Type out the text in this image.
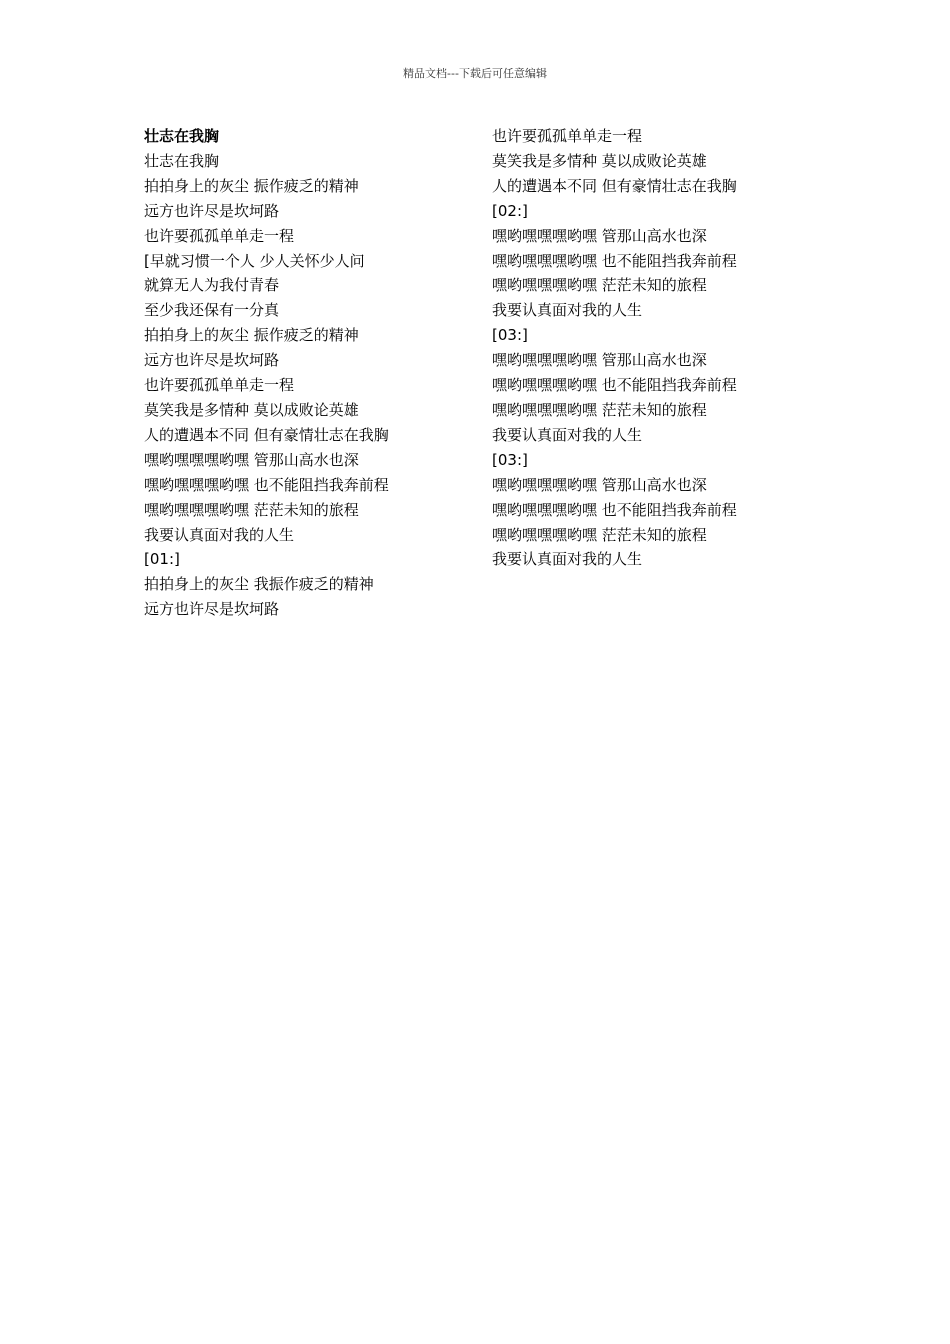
精品文档---下载后可任意编辑
壮志在我胸
壮志在我胸
拍拍身上的灰尘 振作疲乏的精神
远方也许尽是坎坷路
也许要孤孤单单走一程
[早就习惯一个人 少人关怀少人问
就算无人为我付青春
至少我还保有一分真
拍拍身上的灰尘 振作疲乏的精神
远方也许尽是坎坷路
也许要孤孤单单走一程
莫笑我是多情种 莫以成败论英雄
人的遭遇本不同 但有豪情壮志在我胸
嘿哟嘿嘿嘿哟嘿 管那山高水也深
嘿哟嘿嘿嘿哟嘿 也不能阻挡我奔前程
嘿哟嘿嘿嘿哟嘿 茫茫未知的旅程
我要认真面对我的人生
[01:]
拍拍身上的灰尘 我振作疲乏的精神
远方也许尽是坎坷路
也许要孤孤单单走一程
莫笑我是多情种 莫以成败论英雄
人的遭遇本不同 但有豪情壮志在我胸
[02:]
嘿哟嘿嘿嘿哟嘿 管那山高水也深
嘿哟嘿嘿嘿哟嘿 也不能阻挡我奔前程
嘿哟嘿嘿嘿哟嘿 茫茫未知的旅程
我要认真面对我的人生
[03:]
嘿哟嘿嘿嘿哟嘿 管那山高水也深
嘿哟嘿嘿嘿哟嘿 也不能阻挡我奔前程
嘿哟嘿嘿嘿哟嘿 茫茫未知的旅程
我要认真面对我的人生
[03:]
嘿哟嘿嘿嘿哟嘿 管那山高水也深
嘿哟嘿嘿嘿哟嘿 也不能阻挡我奔前程
嘿哟嘿嘿嘿哟嘿 茫茫未知的旅程
我要认真面对我的人生
